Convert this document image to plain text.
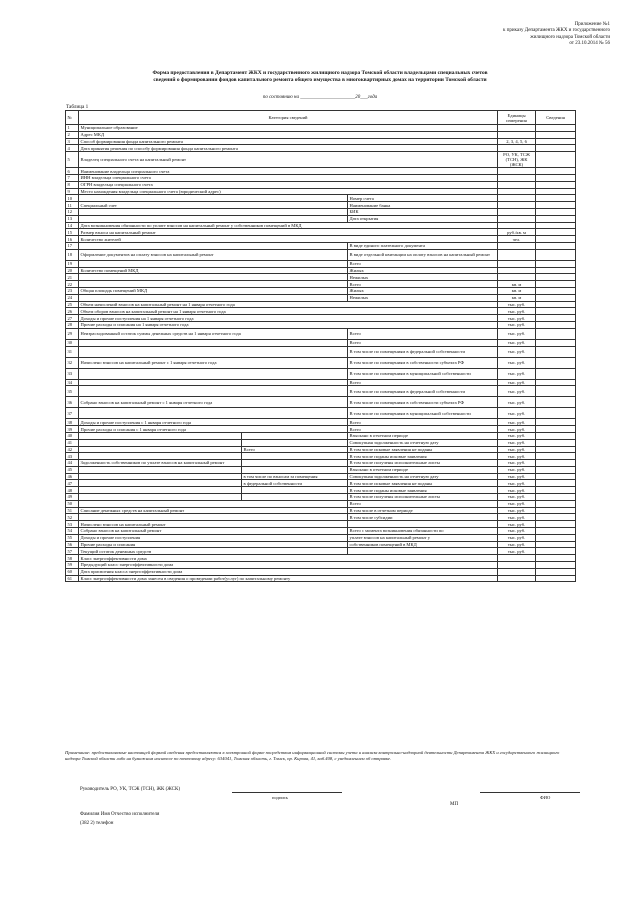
Приложение №1
к приказу Департамента ЖКХ и государственного
жилищного надзора Томской области
от 23.10.2014 № 56
Форма предоставления в Департамент ЖКХ и государственного жилищного надзора Томской области владельцами специальных счетов
сведений о формировании фондов капитального ремонта общего имущества в многоквартирных домах на территории Томской области
по состоянию на ______________________20___года
Таблица 1
№	Категория сведений			Единицы измерения	Сведения
1	Муниципальное образование				
2	Адрес МКД				
3	Способ формирования фонда капитального ремонта			2, 3, 4, 5, 6	
4	Дата принятия решения по способу формирования фонда капитального ремонта				
5	Владелец специального счета на капитальный ремонт			РО, УК, ТСЖ (ТСН), ЖК (ЖСК)	
6	Наименование владельца специального счета				
7	ИНН владельца специального счета				
8	ОГРН владельца специального счета				
9	Место нахождения владельца специального счета (юридический адрес)				
10			Номер счета		
11	Специальный счет		Наименование банка		
12			БИК		
13			Дата открытия		
14	Дата возникновения обязанности по уплате взносов на капитальный ремонт у собственников помещений в МКД				
15	Размер взноса на капитальный ремонт			руб./кв. м	
16	Количество жителей			чел.	
17			В виде единого платежного документа		
18	Оформление документов на оплату взносов на капитальный ремонт		В виде отдельной квитанции на оплату взносов на капитальный ремонт		
19			Всего		
20	Количество помещений МКД		Жилых		
21			Нежилых		
22			Всего	кв. м	
23	Общая площадь помещений МКД		Жилых	кв. м	
24			Нежилых	кв. м	
25	Объем начислений взносов на капитальный ремонт на 1 января отчетного года			тыс. руб.	
26	Объем оборов взносов на капитальный ремонт на 1 января отчетного года			тыс. руб.	
27	Доходы и прочие поступления на 1 января отчетного года			тыс. руб.	
28	Прочие расходы и списания на 1 января отчетного года			тыс. руб.	
29	Неизрасходованный остаток суммы денежных средств на 1 января отчетного года		Всего	тыс. руб.	
30			Всего	тыс. руб.	
31			В том числе по помещениям в федеральной собственности	тыс. руб.	
32	Начислено взносов на капитальный ремонт с 1 января отчетного года		В том числе по помещениям в собственности субъекта РФ	тыс. руб.	
33			В том числе по помещениям в муниципальной собственности	тыс. руб.	
34			Всего	тыс. руб.	
35			В том числе по помещениям в федеральной собственности	тыс. руб.	
36	Собрано взносов на капитальный ремонт с 1 января отчетного года		В том числе по помещениям в собственности субъекта РФ	тыс. руб.	
37			В том числе по помещениям в муниципальной собственности	тыс. руб.	
38	Доходы и прочие поступления с 1 января отчетного года		Всего	тыс. руб.	
39	Прочие расходы и списания с 1 января отчетного года		Всего	тыс. руб.	
40			Взыскано в отчетном периоде	тыс. руб.	
41			Совокупная задолженность на отчетную дату	тыс. руб.	
42		Всего	В том числе исковые заявления не поданы	тыс. руб.	
43			В том числе поданы исковые заявления	тыс. руб.	
44	Задолженность собственников по уплате взносов на капитальный ремонт		В том числе получены исполнительные листы	тыс. руб.	
45			Взыскано в отчетном периоде	тыс. руб.	
46		в том числе по взносам за помещения	Совокупная задолженность на отчетную дату	тыс. руб.	
47		в федеральной собственности	В том числе исковые заявления не поданы	тыс. руб.	
48			В том числе поданы исковые заявления	тыс. руб.	
49			В том числе получены исполнительные листы	тыс. руб.	
50			Всего	тыс. руб.	
51	Списание денежных средств на капитальный ремонт		В том числе в отчетном периоде	тыс. руб.	
52			В том числе субсидии	тыс. руб.	
53	Начислено взносов на капитальный ремонт			тыс. руб.	
54	Собрано взносов на капитальный ремонт		Всего с момента возникновения обязанности по	тыс. руб.	
55	Доходы и прочие поступления		уплате взносов на капитальный ремонт у	тыс. руб.	
56	Прочие расходы и списания		собственников помещений в МКД	тыс. руб.	
57	Текущий остаток денежных средств			тыс. руб.	
58	Класс энергоэффективности дома				
59	Предыдущий класс энергоэффективности дома				
60	Дата присвоения класса энергоэффективности дома				
61	Класс энергоэффективности дома занесен в сведения о проведении работ(услуг) по капитальному ремонту				
Примечание: предоставляемые настоящей формой сведения предоставляются в электронной форме посредством информационной системы учета и анализа контрольно-надзорной деятельности Департамента ЖКХ и государственного жилищного надзора Томской области либо на бумажном носителе по почтовому адресу: 634041, Томская область, г. Томск, пр. Кирова, 41, каб.408, с уведомлением об отправке.
Руководитель РО, УК, ТСЖ (ТСН), ЖК (ЖСК)
подпись	ФИО
МП
Фамилия Имя Отчество исполнителя
(382 2) телефон
